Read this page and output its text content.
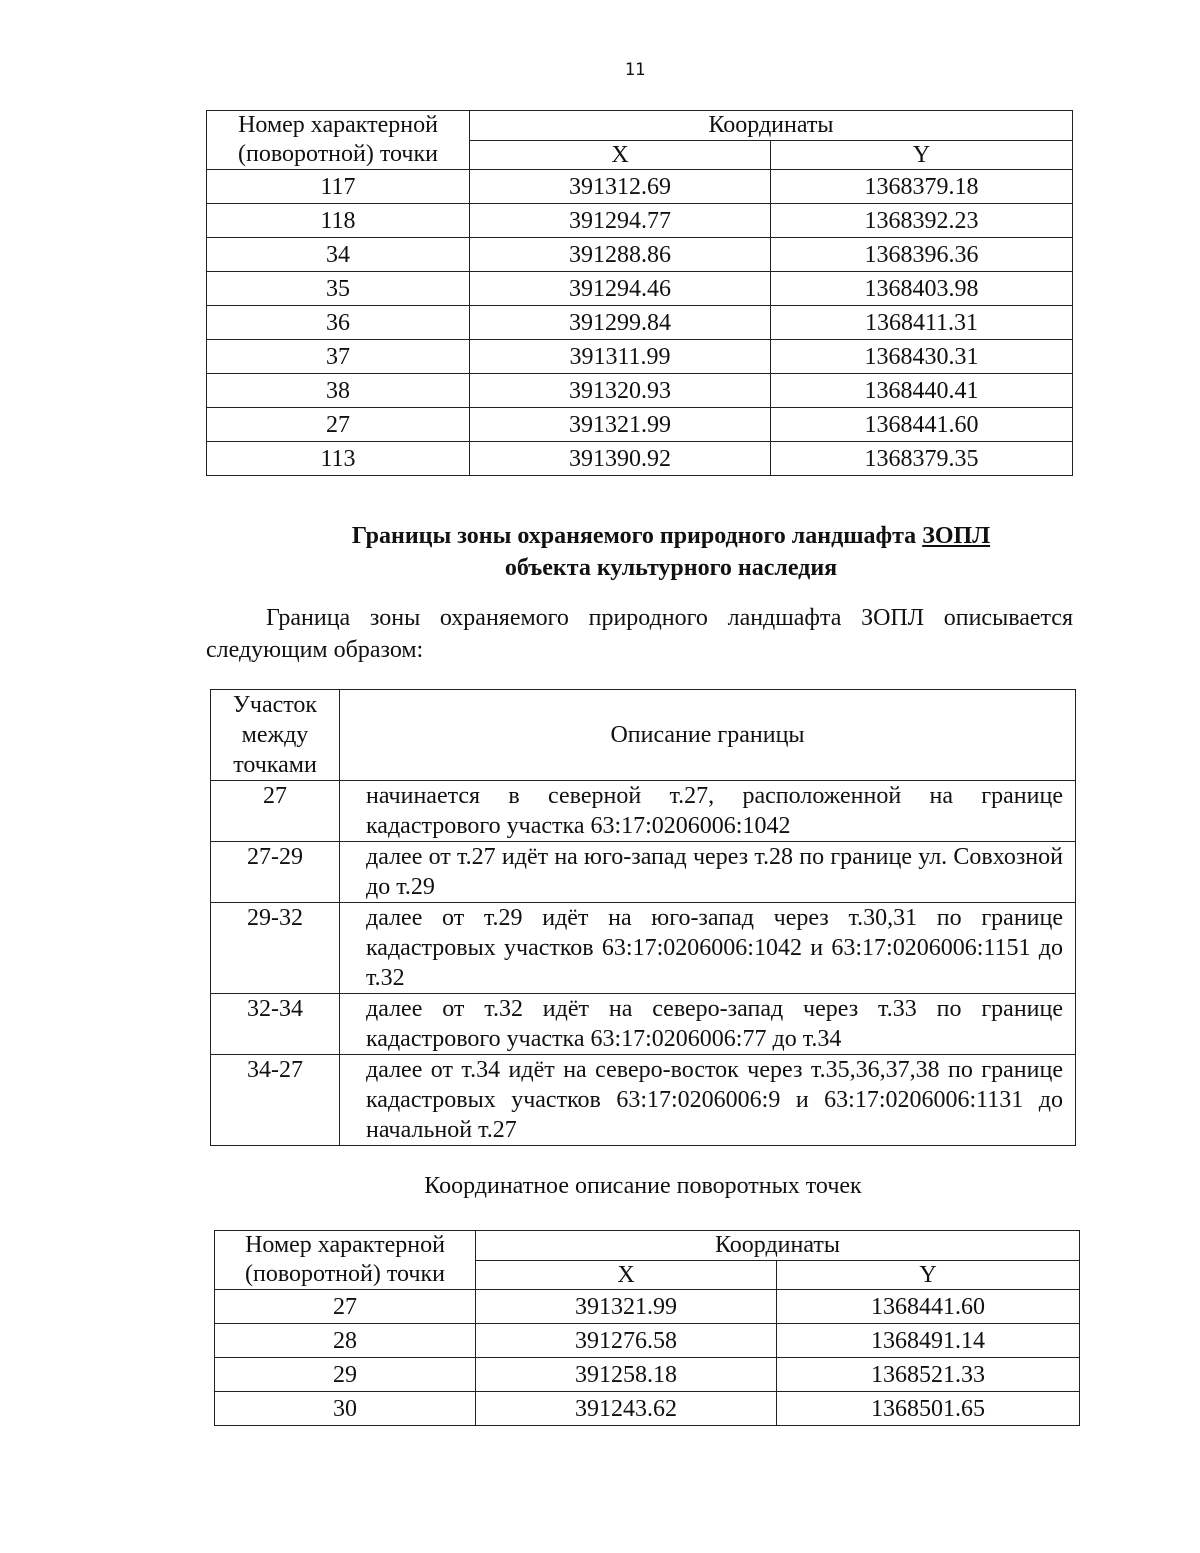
11
Номер характерной
(поворотной) точки	Координаты	
	X	Y
117	391312.69	1368379.18
118	391294.77	1368392.23
34	391288.86	1368396.36
35	391294.46	1368403.98
36	391299.84	1368411.31
37	391311.99	1368430.31
38	391320.93	1368440.41
27	391321.99	1368441.60
113	391390.92	1368379.35
Границы зоны охраняемого природного ландшафта ЗОПЛ
объекта культурного наследия
Граница зоны охраняемого природного ландшафта ЗОПЛ описывается следующим образом:
Участок
между
точками	Описание границы
27	начинается в северной т.27, расположенной на границе кадастрового участка 63:17:0206006:1042
27-29	далее от т.27 идёт на юго-запад через т.28 по границе ул. Совхозной до т.29
29-32	далее от т.29 идёт на юго-запад через т.30,31 по границе кадастровых участков 63:17:0206006:1042 и 63:17:0206006:1151 до т.32
32-34	далее от т.32 идёт на северо-запад через т.33 по границе кадастрового участка 63:17:0206006:77 до т.34
34-27	далее от т.34 идёт на северо-восток через т.35,36,37,38 по границе кадастровых участков 63:17:0206006:9 и 63:17:0206006:1131 до начальной т.27
Координатное описание поворотных точек
Номер характерной
(поворотной) точки	Координаты	
	X	Y
27	391321.99	1368441.60
28	391276.58	1368491.14
29	391258.18	1368521.33
30	391243.62	1368501.65
